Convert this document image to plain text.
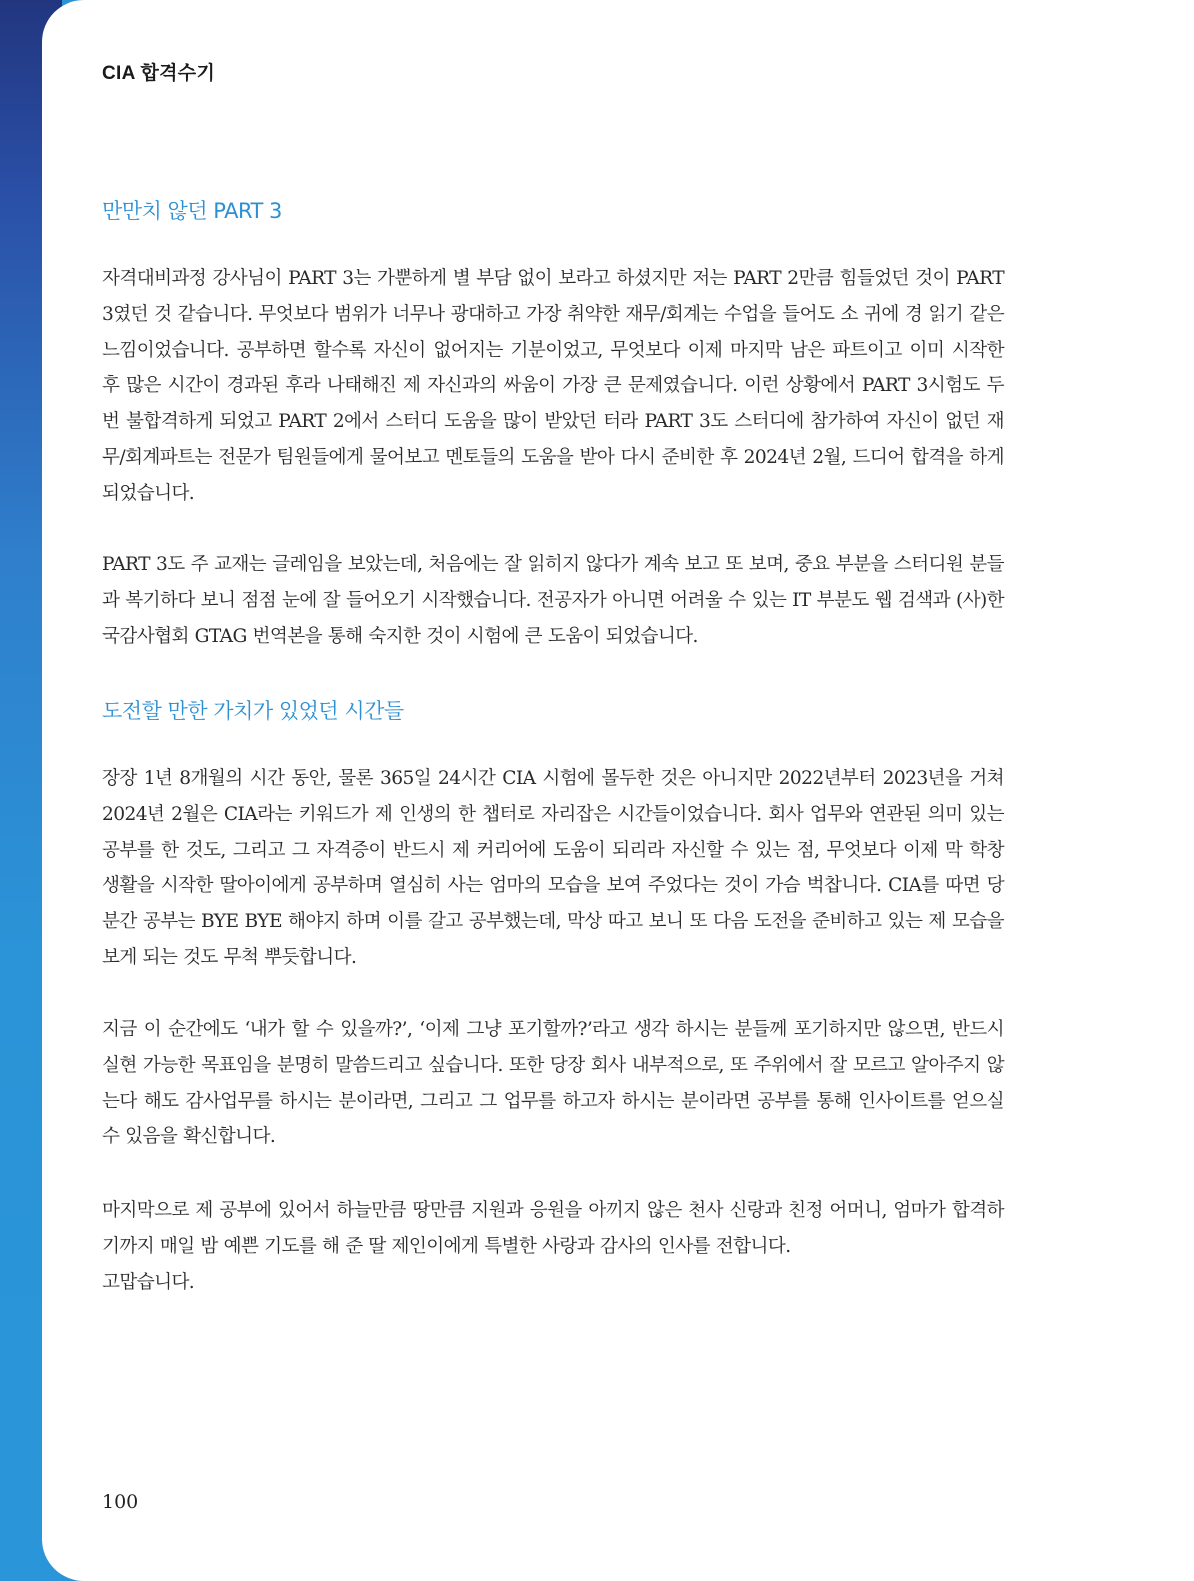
CIA 합격수기
만만치 않던 PART 3

자격대비과정 강사님이 PART 3는 가뿐하게 별 부담 없이 보라고 하셨지만 저는 PART 2만큼 힘들었던 것이 PART 3였던 것 같습니다. 무엇보다 범위가 너무나 광대하고 가장 취약한 재무/회계는 수업을 들어도 소 귀에 경 읽기 같은 느낌이었습니다. 공부하면 할수록 자신이 없어지는 기분이었고, 무엇보다 이제 마지막 남은 파트이고 이미 시작한 후 많은 시간이 경과된 후라 나태해진 제 자신과의 싸움이 가장 큰 문제였습니다. 이런 상황에서 PART 3시험도 두 번 불합격하게 되었고 PART 2에서 스터디 도움을 많이 받았던 터라 PART 3도 스터디에 참가하여 자신이 없던 재무/회계파트는 전문가 팀원들에게 물어보고 멘토들의 도움을 받아 다시 준비한 후 2024년 2월, 드디어 합격을 하게 되었습니다.

PART 3도 주 교재는 글레임을 보았는데, 처음에는 잘 읽히지 않다가 계속 보고 또 보며, 중요 부분을 스터디원 분들과 복기하다 보니 점점 눈에 잘 들어오기 시작했습니다. 전공자가 아니면 어려울 수 있는 IT 부분도 웹 검색과 (사)한국감사협회 GTAG 번역본을 통해 숙지한 것이 시험에 큰 도움이 되었습니다.

도전할 만한 가치가 있었던 시간들

장장 1년 8개월의 시간 동안, 물론 365일 24시간 CIA 시험에 몰두한 것은 아니지만 2022년부터 2023년을 거쳐 2024년 2월은 CIA라는 키워드가 제 인생의 한 챕터로 자리잡은 시간들이었습니다. 회사 업무와 연관된 의미 있는 공부를 한 것도, 그리고 그 자격증이 반드시 제 커리어에 도움이 되리라 자신할 수 있는 점, 무엇보다 이제 막 학창 생활을 시작한 딸아이에게 공부하며 열심히 사는 엄마의 모습을 보여 주었다는 것이 가슴 벅찹니다. CIA를 따면 당분간 공부는 BYE BYE 해야지 하며 이를 갈고 공부했는데, 막상 따고 보니 또 다음 도전을 준비하고 있는 제 모습을 보게 되는 것도 무척 뿌듯합니다.

지금 이 순간에도 ‘내가 할 수 있을까?’, ‘이제 그냥 포기할까?’라고 생각 하시는 분들께 포기하지만 않으면, 반드시 실현 가능한 목표임을 분명히 말씀드리고 싶습니다. 또한 당장 회사 내부적으로, 또 주위에서 잘 모르고 알아주지 않는다 해도 감사업무를 하시는 분이라면, 그리고 그 업무를 하고자 하시는 분이라면 공부를 통해 인사이트를 얻으실 수 있음을 확신합니다.

마지막으로 제 공부에 있어서 하늘만큼 땅만큼 지원과 응원을 아끼지 않은 천사 신랑과 친정 어머니, 엄마가 합격하기까지 매일 밤 예쁜 기도를 해 준 딸 제인이에게 특별한 사랑과 감사의 인사를 전합니다.
고맙습니다.

100
